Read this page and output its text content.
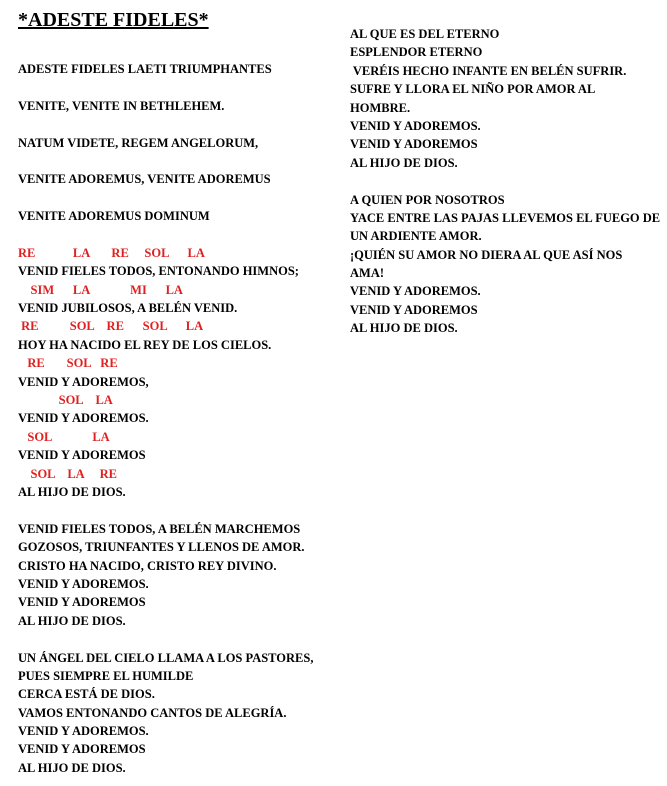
*ADESTE FIDELES*
ADESTE FIDELES LAETI TRIUMPHANTES
VENITE, VENITE IN BETHLEHEM.
NATUM VIDETE, REGEM ANGELORUM,
VENITE ADOREMUS, VENITE ADOREMUS
VENITE ADOREMUS DOMINUM
RE            LA       RE     SOL      LA
VENID FIELES TODOS, ENTONANDO HIMNOS;
SIM      LA             MI      LA
VENID JUBILOSOS, A BELÉN VENID.
RE          SOL    RE      SOL      LA
HOY HA NACIDO EL REY DE LOS CIELOS.
RE       SOL   RE
VENID Y ADOREMOS,
SOL    LA
VENID Y ADOREMOS.
SOL             LA
VENID Y ADOREMOS
SOL    LA     RE
AL HIJO DE DIOS.
VENID FIELES TODOS, A BELÉN MARCHEMOS
GOZOSOS, TRIUNFANTES Y LLENOS DE AMOR.
CRISTO HA NACIDO, CRISTO REY DIVINO.
VENID Y ADOREMOS.
VENID Y ADOREMOS
AL HIJO DE DIOS.
UN ÁNGEL DEL CIELO LLAMA A LOS PASTORES,
PUES SIEMPRE EL HUMILDE
CERCA ESTÁ DE DIOS.
VAMOS ENTONANDO CANTOS DE ALEGRÍA.
VENID Y ADOREMOS.
VENID Y ADOREMOS
AL HIJO DE DIOS.
AL QUE ES DEL ETERNO
ESPLENDOR ETERNO
VERÉIS HECHO INFANTE EN BELÉN SUFRIR.
SUFRE Y LLORA EL NIÑO POR AMOR AL
HOMBRE.
VENID Y ADOREMOS.
VENID Y ADOREMOS
AL HIJO DE DIOS.
A QUIEN POR NOSOTROS
YACE ENTRE LAS PAJAS LLEVEMOS EL FUEGO DE
UN ARDIENTE AMOR.
¡QUIÉN SU AMOR NO DIERA AL QUE ASÍ NOS
AMA!
VENID Y ADOREMOS.
VENID Y ADOREMOS
AL HIJO DE DIOS.
